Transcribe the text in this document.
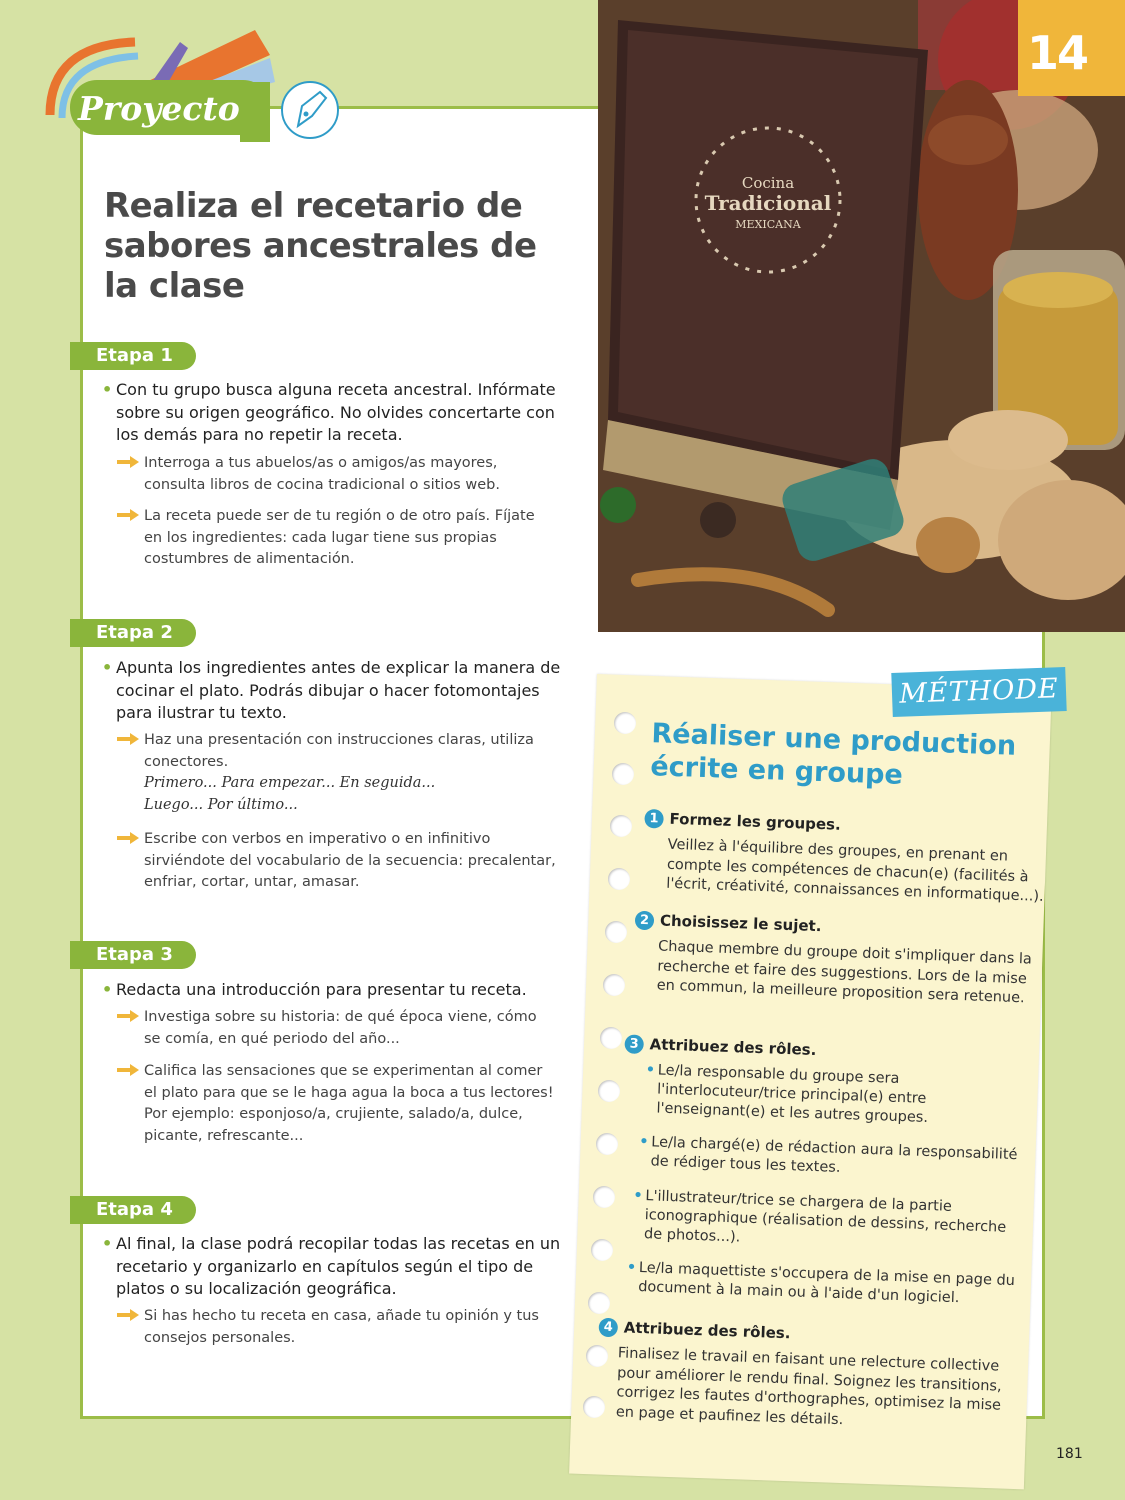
Cocina
Tradicional
MEXICANA
14
Proyecto
Realiza el recetario de sabores ancestrales de la clase
Etapa 1
• Con tu grupo busca alguna receta ancestral. Infórmate sobre su origen geográfico. No olvides concertarte con los demás para no repetir la receta.
Interroga a tus abuelos/as o amigos/as mayores, consulta libros de cocina tradicional o sitios web.
La receta puede ser de tu región o de otro país. Fíjate en los ingredientes: cada lugar tiene sus propias costumbres de alimentación.
Etapa 2
• Apunta los ingredientes antes de explicar la manera de cocinar el plato. Podrás dibujar o hacer fotomontajes para ilustrar tu texto.
Haz una presentación con instrucciones claras, utiliza conectores.
Primero... Para empezar... En seguida...
Luego... Por último...
Escribe con verbos en imperativo o en infinitivo sirviéndote del vocabulario de la secuencia: precalentar, enfriar, cortar, untar, amasar.
Etapa 3
• Redacta una introducción para presentar tu receta.
Investiga sobre su historia: de qué época viene, cómo se comía, en qué periodo del año...
Califica las sensaciones que se experimentan al comer el plato para que se le haga agua la boca a tus lectores! Por ejemplo: esponjoso/a, crujiente, salado/a, dulce, picante, refrescante...
Etapa 4
• Al final, la clase podrá recopilar todas las recetas en un recetario y organizarlo en capítulos según el tipo de platos o su localización geográfica.
Si has hecho tu receta en casa, añade tu opinión y tus consejos personales.
MÉTHODE
Réaliser une production écrite en groupe
1 Formez les groupes.
Veillez à l'équilibre des groupes, en prenant en compte les compétences de chacun(e) (facilités à l'écrit, créativité, connaissances en informatique...).
2 Choisissez le sujet.
Chaque membre du groupe doit s'impliquer dans la recherche et faire des suggestions. Lors de la mise en commun, la meilleure proposition sera retenue.
3 Attribuez des rôles.
• Le/la responsable du groupe sera l'interlocuteur/trice principal(e) entre l'enseignant(e) et les autres groupes.
• Le/la chargé(e) de rédaction aura la responsabilité de rédiger tous les textes.
• L'illustrateur/trice se chargera de la partie iconographique (réalisation de dessins, recherche de photos...).
• Le/la maquettiste s'occupera de la mise en page du document à la main ou à l'aide d'un logiciel.
4 Attribuez des rôles.
Finalisez le travail en faisant une relecture collective pour améliorer le rendu final. Soignez les transitions, corrigez les fautes d'orthographes, optimisez la mise en page et paufinez les détails.
181
